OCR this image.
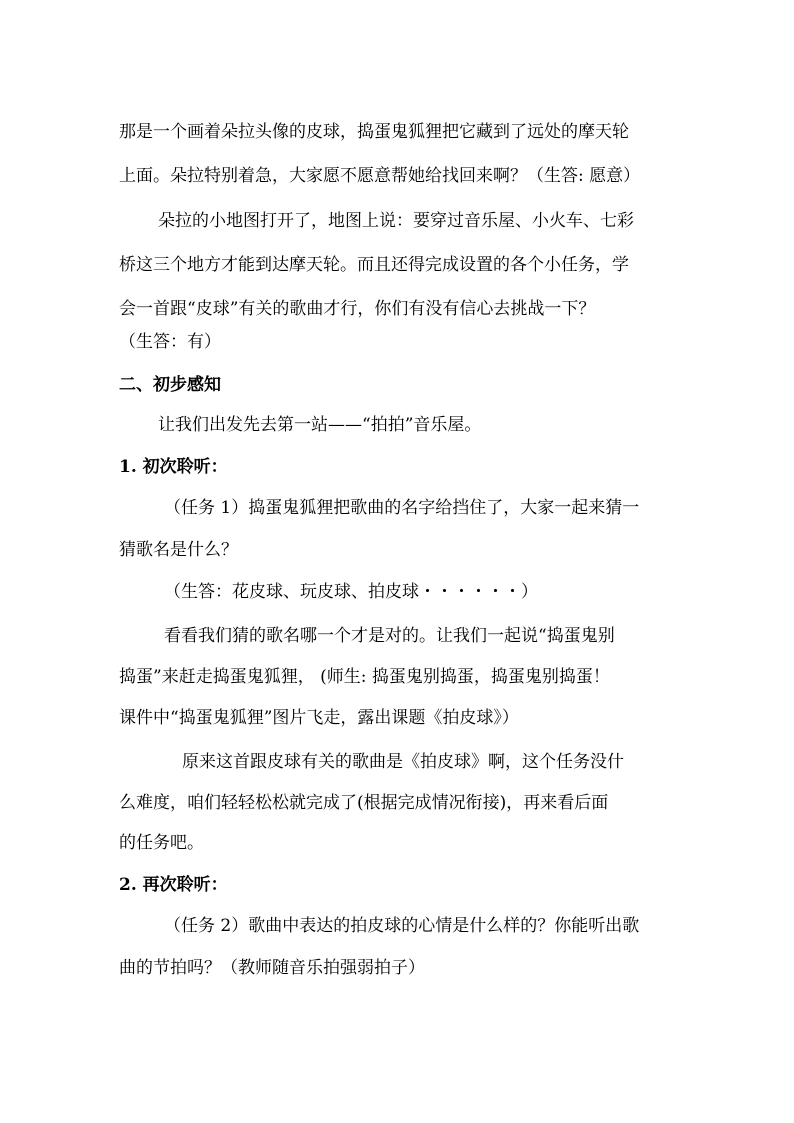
那是一个画着朵拉头像的皮球，捣蛋鬼狐狸把它藏到了远处的摩天轮

上面。朵拉特别着急，大家愿不愿意帮她给找回来啊？（生答: 愿意）

朵拉的小地图打开了，地图上说：要穿过音乐屋、小火车、七彩

桥这三个地方才能到达摩天轮。而且还得完成设置的各个小任务，学

会一首跟“皮球”有关的歌曲才行，你们有没有信心去挑战一下？

（生答：有）

二、初步感知

让我们出发先去第一站——“拍拍”音乐屋。

1. 初次聆听：

（任务 1）捣蛋鬼狐狸把歌曲的名字给挡住了，大家一起来猜一

猜歌名是什么？

（生答：花皮球、玩皮球、拍皮球・・・・・・）

看看我们猜的歌名哪一个才是对的。让我们一起说“捣蛋鬼别

捣蛋”来赶走捣蛋鬼狐狸， (师生: 捣蛋鬼别捣蛋，捣蛋鬼别捣蛋！

课件中“捣蛋鬼狐狸”图片飞走，露出课题《拍皮球》）

原来这首跟皮球有关的歌曲是《拍皮球》啊，这个任务没什

么难度，咱们轻轻松松就完成了(根据完成情况衔接)，再来看后面

的任务吧。

2. 再次聆听：

（任务 2）歌曲中表达的拍皮球的心情是什么样的？你能听出歌

曲的节拍吗？（教师随音乐拍强弱拍子）
